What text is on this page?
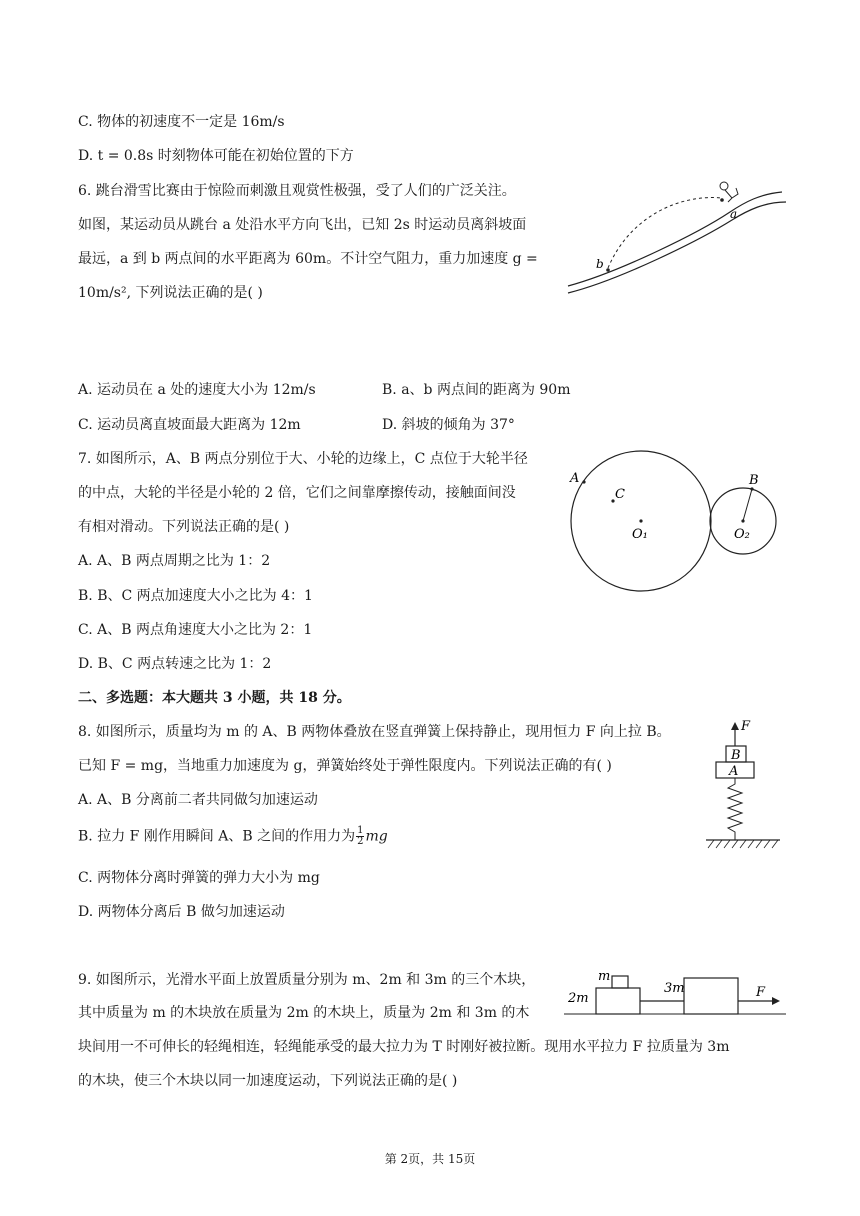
C. 物体的初速度不一定是 16m/s
D. t = 0.8s 时刻物体可能在初始位置的下方
6. 跳台滑雪比赛由于惊险而刺激且观赏性极强，受了人们的广泛关注。
如图，某运动员从跳台 a 处沿水平方向飞出，已知 2s 时运动员离斜坡面
最远，a 到 b 两点间的水平距离为 60m。不计空气阻力，重力加速度 g =
10m/s², 下列说法正确的是( )
a
b
A. 运动员在 a 处的速度大小为 12m/s	B. a、b 两点间的距离为 90m
C. 运动员离直坡面最大距离为 12m	D. 斜坡的倾角为 37°
7. 如图所示，A、B 两点分别位于大、小轮的边缘上，C 点位于大轮半径
的中点，大轮的半径是小轮的 2 倍，它们之间靠摩擦传动，接触面间没
有相对滑动。下列说法正确的是( )
A. A、B 两点周期之比为 1：2
B. B、C 两点加速度大小之比为 4：1
C. A、B 两点角速度大小之比为 2：1
D. B、C 两点转速之比为 1：2
A
C
O₁
B
O₂
二、多选题：本大题共 3 小题，共 18 分。
8. 如图所示，质量均为 m 的 A、B 两物体叠放在竖直弹簧上保持静止，现用恒力 F 向上拉 B。
已知 F = mg，当地重力加速度为 g，弹簧始终处于弹性限度内。下列说法正确的有( )
A. A、B 分离前二者共同做匀加速运动
B. 拉力 F 刚作用瞬间 A、B 之间的作用力为 $\frac{1}{2}$ mg
C. 两物体分离时弹簧的弹力大小为 mg
D. 两物体分离后 B 做匀加速运动
F
B
A
9. 如图所示，光滑水平面上放置质量分别为 m、2m 和 3m 的三个木块，
其中质量为 m 的木块放在质量为 2m 的木块上，质量为 2m 和 3m 的木
块间用一不可伸长的轻绳相连，轻绳能承受的最大拉力为 T 时刚好被拉断。现用水平拉力 F 拉质量为 3m
的木块，使三个木块以同一加速度运动，下列说法正确的是( )
m
2m
3m	F
第 2页，共 15页
